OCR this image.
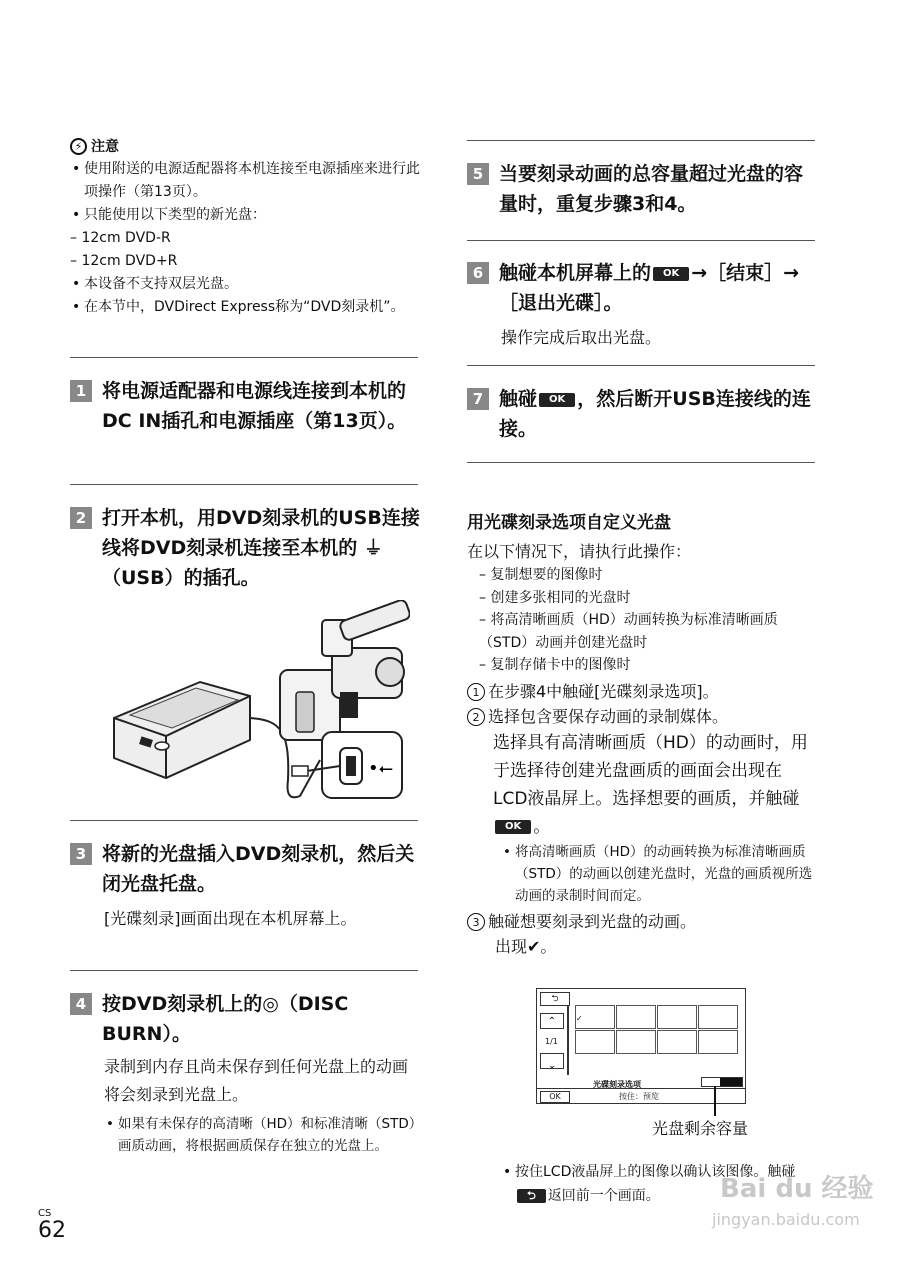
⚡ 注意
• 使用附送的电源适配器将本机连接至电源插座来进行此项操作（第13页）。
• 只能使用以下类型的新光盘：
– 12cm DVD-R
– 12cm DVD+R
• 本设备不支持双层光盘。
• 在本节中，DVDirect Express称为“DVD刻录机”。
1 将电源适配器和电源线连接到本机的DC IN插孔和电源插座（第13页）。
2 打开本机，用DVD刻录机的USB连接线将DVD刻录机连接至本机的 ⏚（USB）的插孔。
•⭠
3 将新的光盘插入DVD刻录机，然后关闭光盘托盘。
[光碟刻录]画面出现在本机屏幕上。
4 按DVD刻录机上的◎（DISC BURN）。
录制到内存且尚未保存到任何光盘上的动画将会刻录到光盘上。
• 如果有未保存的高清晰（HD）和标准清晰（STD）画质动画，将根据画质保存在独立的光盘上。
CS
62
5 当要刻录动画的总容量超过光盘的容量时，重复步骤3和4。
6 触碰本机屏幕上的 OK →［结束］→［退出光碟］。
操作完成后取出光盘。
7 触碰 OK ，然后断开USB连接线的连接。
用光碟刻录选项自定义光盘
在以下情况下，请执行此操作：
– 复制想要的图像时
– 创建多张相同的光盘时
– 将高清晰画质（HD）动画转换为标准清晰画质（STD）动画并创建光盘时
– 复制存储卡中的图像时
1 在步骤4中触碰[光碟刻录选项]。
2 选择包含要保存动画的录制媒体。
选择具有高清晰画质（HD）的动画时，用于选择待创建光盘画质的画面会出现在LCD液晶屏上。选择想要的画质，并触碰OK 。
• 将高清晰画质（HD）的动画转换为标准清晰画质（STD）的动画以创建光盘时，光盘的画质视所选动画的录制时间而定。
3 触碰想要刻录到光盘的动画。
出现✔。
⮌
⌃
1/1
⌃
✓
光碟刻录选项
OK	按住：预览
光盘剩余容量
• 按住LCD液晶屏上的图像以确认该图像。触碰⮌ 返回前一个画面。	Bai du 经验
jingyan.baidu.com
